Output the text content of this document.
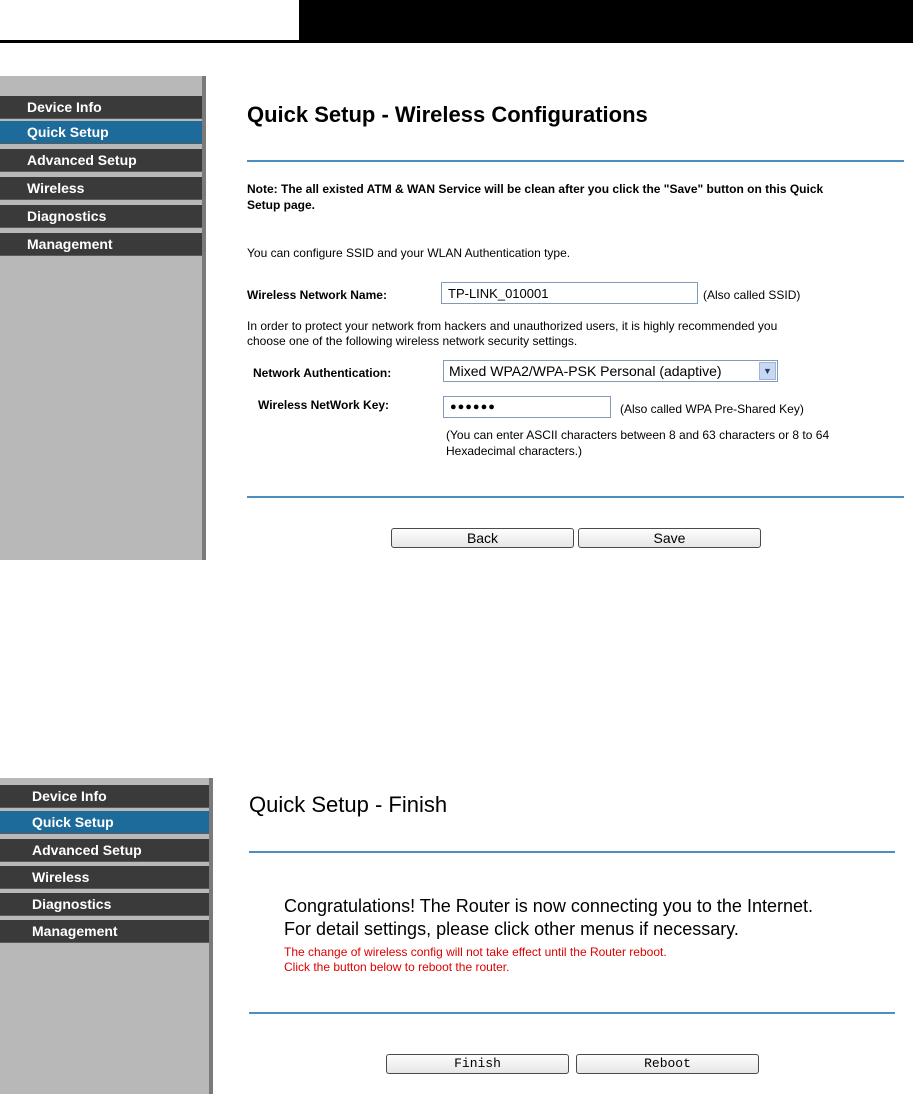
Device Info
Quick Setup
Advanced Setup
Wireless
Diagnostics
Management
Quick Setup - Wireless Configurations
Note: The all existed ATM & WAN Service will be clean after you click the "Save" button on this Quick
Setup page.
You can configure SSID and your WLAN Authentication type.
Wireless Network Name:
TP-LINK_010001	(Also called SSID)
In order to protect your network from hackers and unauthorized users, it is highly recommended you
choose one of the following wireless network security settings.
Network Authentication:	Mixed WPA2/WPA-PSK Personal (adaptive)	▼
Wireless NetWork Key:	●●●●●●	(Also called WPA Pre-Shared Key)
(You can enter ASCII characters between 8 and 63 characters or 8 to 64
Hexadecimal characters.)
Back	Save
Device Info
Quick Setup
Advanced Setup
Wireless
Diagnostics
Management
Quick Setup - Finish
Congratulations! The Router is now connecting you to the Internet.
For detail settings, please click other menus if necessary.
The change of wireless config will not take effect until the Router reboot.
Click the button below to reboot the router.
Finish	Reboot
